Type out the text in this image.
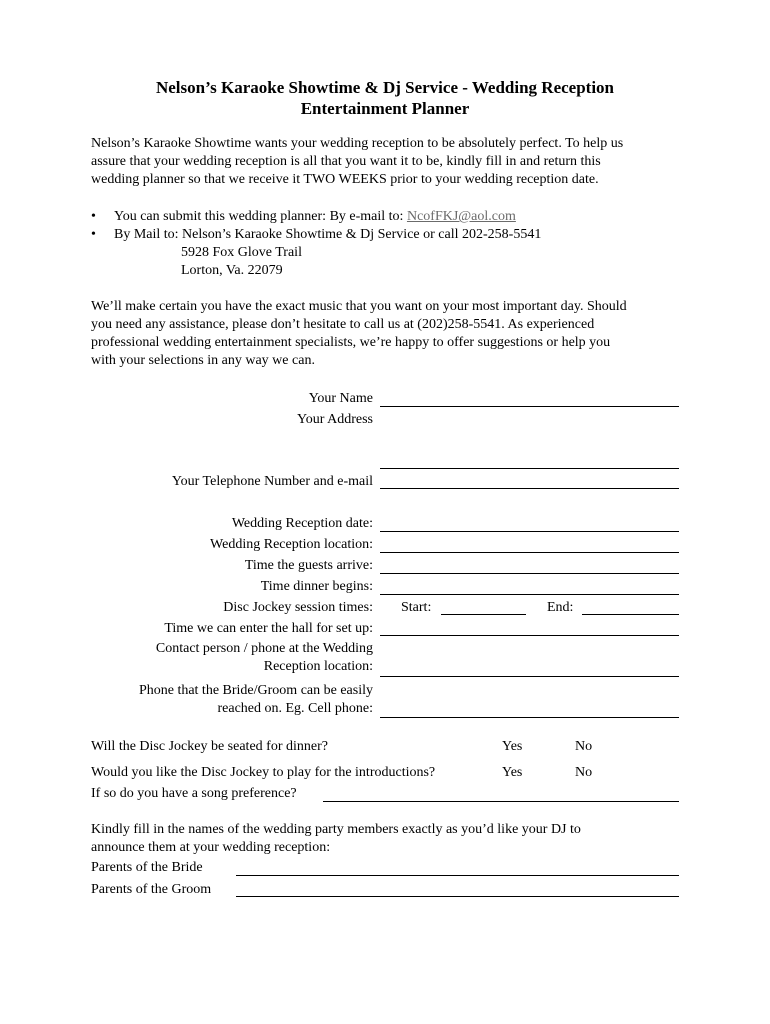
Nelson’s Karaoke Showtime & Dj Service - Wedding Reception
Entertainment Planner
Nelson’s Karaoke Showtime wants your wedding reception to be absolutely perfect. To help us
assure that your wedding reception is all that you want it to be, kindly fill in and return this
wedding planner so that we receive it TWO WEEKS prior to your wedding reception date.
• You can submit this wedding planner: By e-mail to: NcofFKJ@aol.com
• By Mail to: Nelson’s Karaoke Showtime & Dj Service or call 202-258-5541
5928 Fox Glove Trail
Lorton, Va. 22079
We’ll make certain you have the exact music that you want on your most important day. Should
you need any assistance, please don’t hesitate to call us at (202)258-5541. As experienced
professional wedding entertainment specialists, we’re happy to offer suggestions or help you
with your selections in any way we can.
Your Name
Your Address
Your Telephone Number and e-mail
Wedding Reception date:
Wedding Reception location:
Time the guests arrive:
Time dinner begins:
Disc Jockey session times: Start:	End:
Time we can enter the hall for set up:
Contact person / phone at the Wedding
Reception location:
Phone that the Bride/Groom can be easily
reached on. Eg. Cell phone:
Will the Disc Jockey be seated for dinner?	Yes	No
Would you like the Disc Jockey to play for the introductions?	Yes	No
If so do you have a song preference?
Kindly fill in the names of the wedding party members exactly as you’d like your DJ to
announce them at your wedding reception:
Parents of the Bride
Parents of the Groom
